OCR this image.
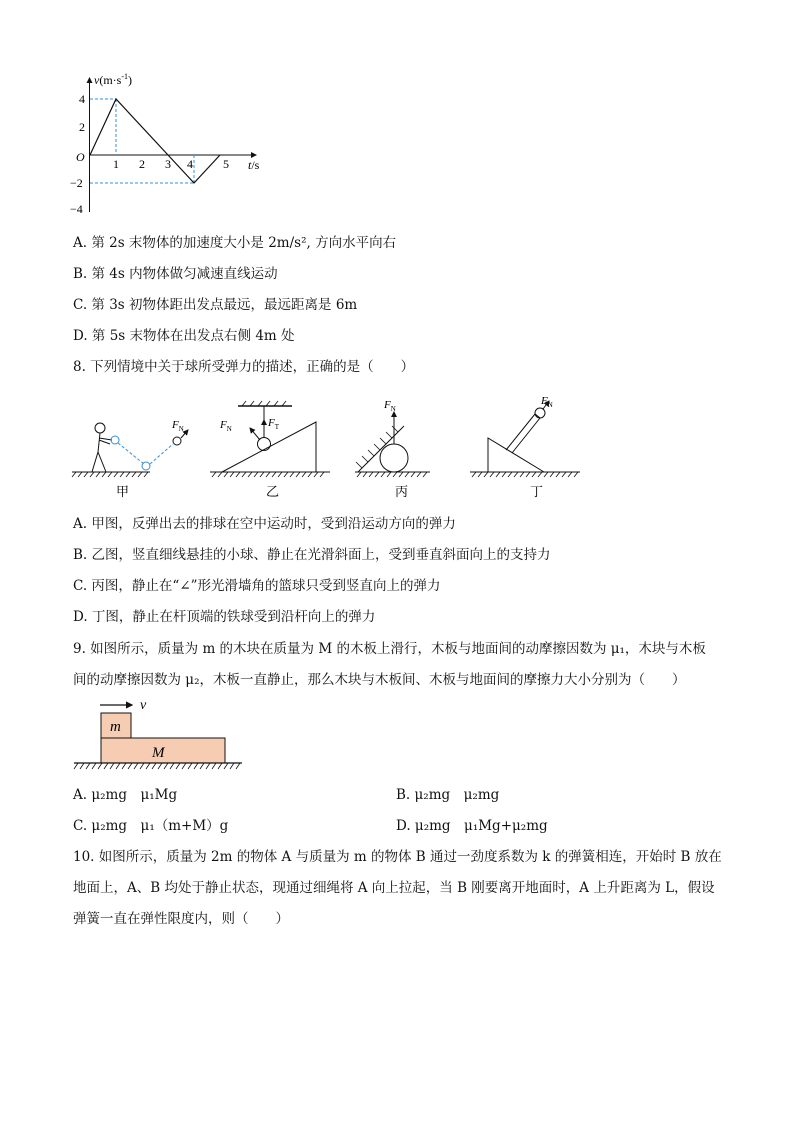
$v(m\cdot s^{-1})$
t/s
O
4
2
−2
−4
1 2 3 4	5
A. 第 2s 末物体的加速度大小是 2m/s², 方向水平向右
B. 第 4s 内物体做匀减速直线运动
C. 第 3s 初物体距出发点最远，最远距离是 6m
D. 第 5s 末物体在出发点右侧 4m 处
8. 下列情境中关于球所受弹力的描述，正确的是（　　）
$F_N$	$F_N$	$F_T$
$F_N$
$F_N$
甲	乙	丙	丁
A. 甲图，反弹出去的排球在空中运动时，受到沿运动方向的弹力
B. 乙图，竖直细线悬挂的小球、静止在光滑斜面上，受到垂直斜面向上的支持力
C. 丙图，静止在“∠”形光滑墙角的篮球只受到竖直向上的弹力
D. 丁图，静止在杆顶端的铁球受到沿杆向上的弹力
9. 如图所示，质量为 m 的木块在质量为 M 的木板上滑行，木板与地面间的动摩擦因数为 μ₁，木块与木板
间的动摩擦因数为 μ₂，木板一直静止，那么木块与木板间、木板与地面间的摩擦力大小分别为（　　）
v
m
M
A. μ₂mg　μ₁Mg	B. μ₂mg　μ₂mg
C. μ₂mg　μ₁（m+M）g	D. μ₂mg　μ₁Mg+μ₂mg
10. 如图所示，质量为 2m 的物体 A 与质量为 m 的物体 B 通过一劲度系数为 k 的弹簧相连，开始时 B 放在
地面上，A、B 均处于静止状态，现通过细绳将 A 向上拉起，当 B 刚要离开地面时，A 上升距离为 L，假设
弹簧一直在弹性限度内，则（　　）
